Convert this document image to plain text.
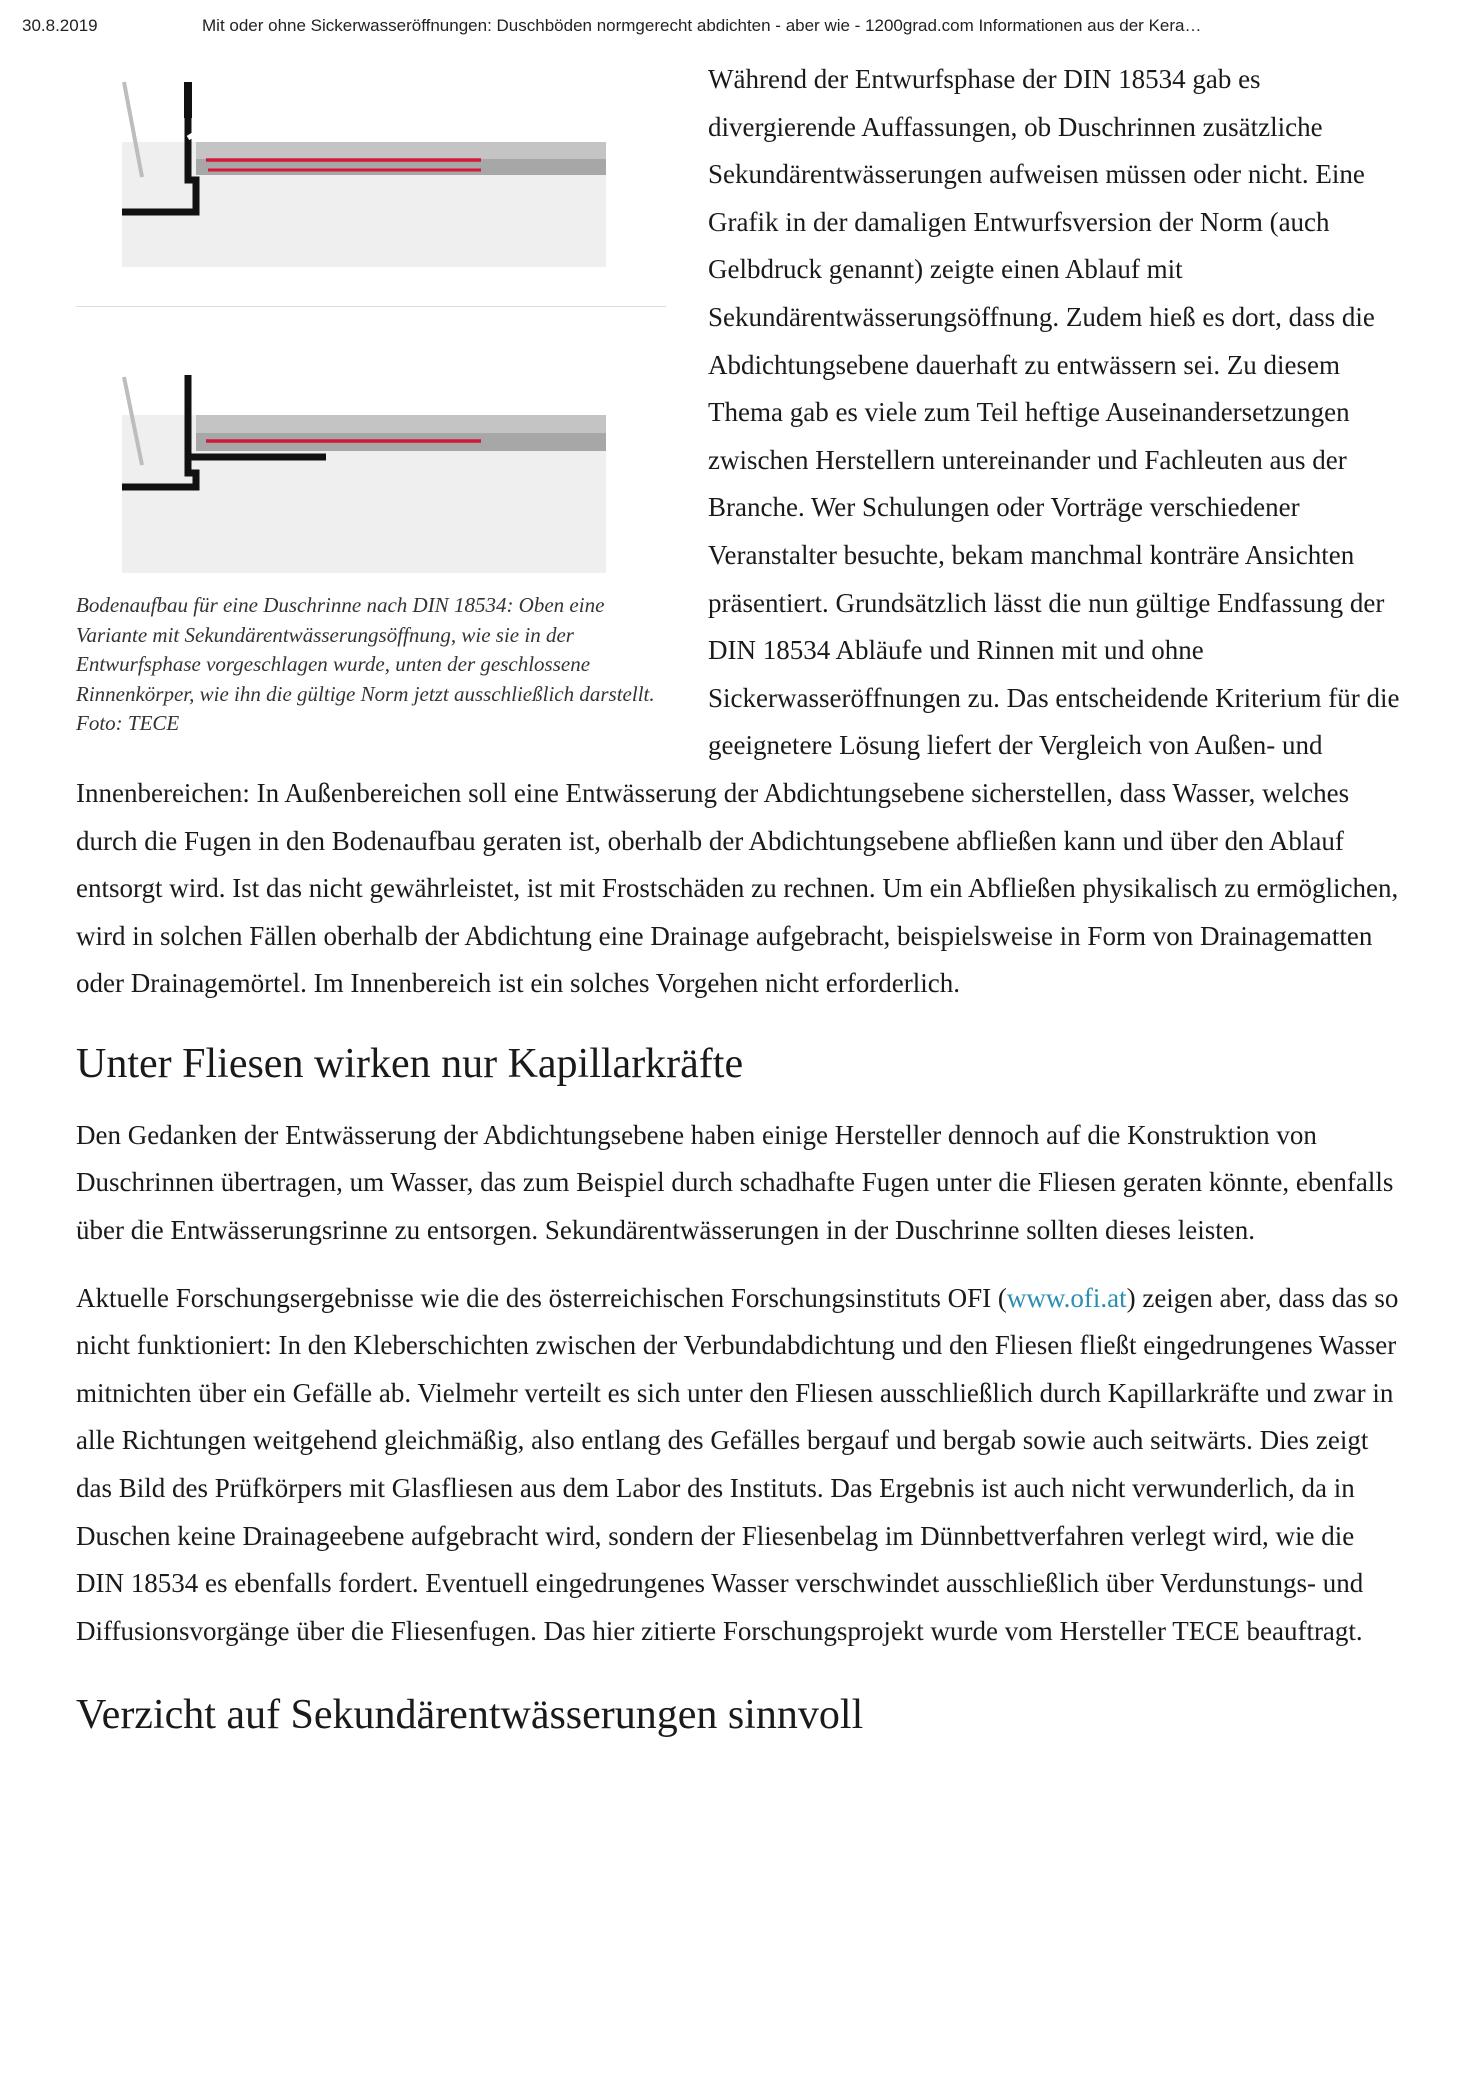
30.8.2019	Mit oder ohne Sickerwasseröffnungen: Duschböden normgerecht abdichten - aber wie - 1200grad.com Informationen aus der Kera…

Bodenaufbau für eine Duschrinne nach DIN 18534: Oben eine Variante mit Sekundärentwässerungsöffnung, wie sie in der Entwurfsphase vorgeschlagen wurde, unten der geschlossene Rinnenkörper, wie ihn die gültige Norm jetzt ausschließlich darstellt. Foto: TECE

Während der Entwurfsphase der DIN 18534 gab es divergierende Auffassungen, ob Duschrinnen zusätzliche Sekundärentwässerungen aufweisen müssen oder nicht. Eine Grafik in der damaligen Entwurfsversion der Norm (auch Gelbdruck genannt) zeigte einen Ablauf mit Sekundärentwässerungsöffnung. Zudem hieß es dort, dass die Abdichtungsebene dauerhaft zu entwässern sei. Zu diesem Thema gab es viele zum Teil heftige Auseinandersetzungen zwischen Herstellern untereinander und Fachleuten aus der Branche. Wer Schulungen oder Vorträge verschiedener Veranstalter besuchte, bekam manchmal konträre Ansichten präsentiert. Grundsätzlich lässt die nun gültige Endfassung der DIN 18534 Abläufe und Rinnen mit und ohne Sickerwasseröffnungen zu. Das entscheidende Kriterium für die geeignetere Lösung liefert der Vergleich von Außen- und Innenbereichen: In Außenbereichen soll eine Entwässerung der Abdichtungsebene sicherstellen, dass Wasser, welches durch die Fugen in den Bodenaufbau geraten ist, oberhalb der Abdichtungsebene abfließen kann und über den Ablauf entsorgt wird. Ist das nicht gewährleistet, ist mit Frostschäden zu rechnen. Um ein Abfließen physikalisch zu ermöglichen, wird in solchen Fällen oberhalb der Abdichtung eine Drainage aufgebracht, beispielsweise in Form von Drainagematten oder Drainagemörtel. Im Innenbereich ist ein solches Vorgehen nicht erforderlich.

Unter Fliesen wirken nur Kapillarkräfte

Den Gedanken der Entwässerung der Abdichtungsebene haben einige Hersteller dennoch auf die Konstruktion von Duschrinnen übertragen, um Wasser, das zum Beispiel durch schadhafte Fugen unter die Fliesen geraten könnte, ebenfalls über die Entwässerungsrinne zu entsorgen. Sekundärentwässerungen in der Duschrinne sollten dieses leisten.

Aktuelle Forschungsergebnisse wie die des österreichischen Forschungsinstituts OFI (www.ofi.at) zeigen aber, dass das so nicht funktioniert: In den Kleberschichten zwischen der Verbundabdichtung und den Fliesen fließt eingedrungenes Wasser mitnichten über ein Gefälle ab. Vielmehr verteilt es sich unter den Fliesen ausschließlich durch Kapillarkräfte und zwar in alle Richtungen weitgehend gleichmäßig, also entlang des Gefälles bergauf und bergab sowie auch seitwärts. Dies zeigt das Bild des Prüfkörpers mit Glasfliesen aus dem Labor des Instituts. Das Ergebnis ist auch nicht verwunderlich, da in Duschen keine Drainageebene aufgebracht wird, sondern der Fliesenbelag im Dünnbettverfahren verlegt wird, wie die DIN 18534 es ebenfalls fordert. Eventuell eingedrungenes Wasser verschwindet ausschließlich über Verdunstungs- und Diffusionsvorgänge über die Fliesenfugen. Das hier zitierte Forschungsprojekt wurde vom Hersteller TECE beauftragt.

Verzicht auf Sekundärentwässerungen sinnvoll
